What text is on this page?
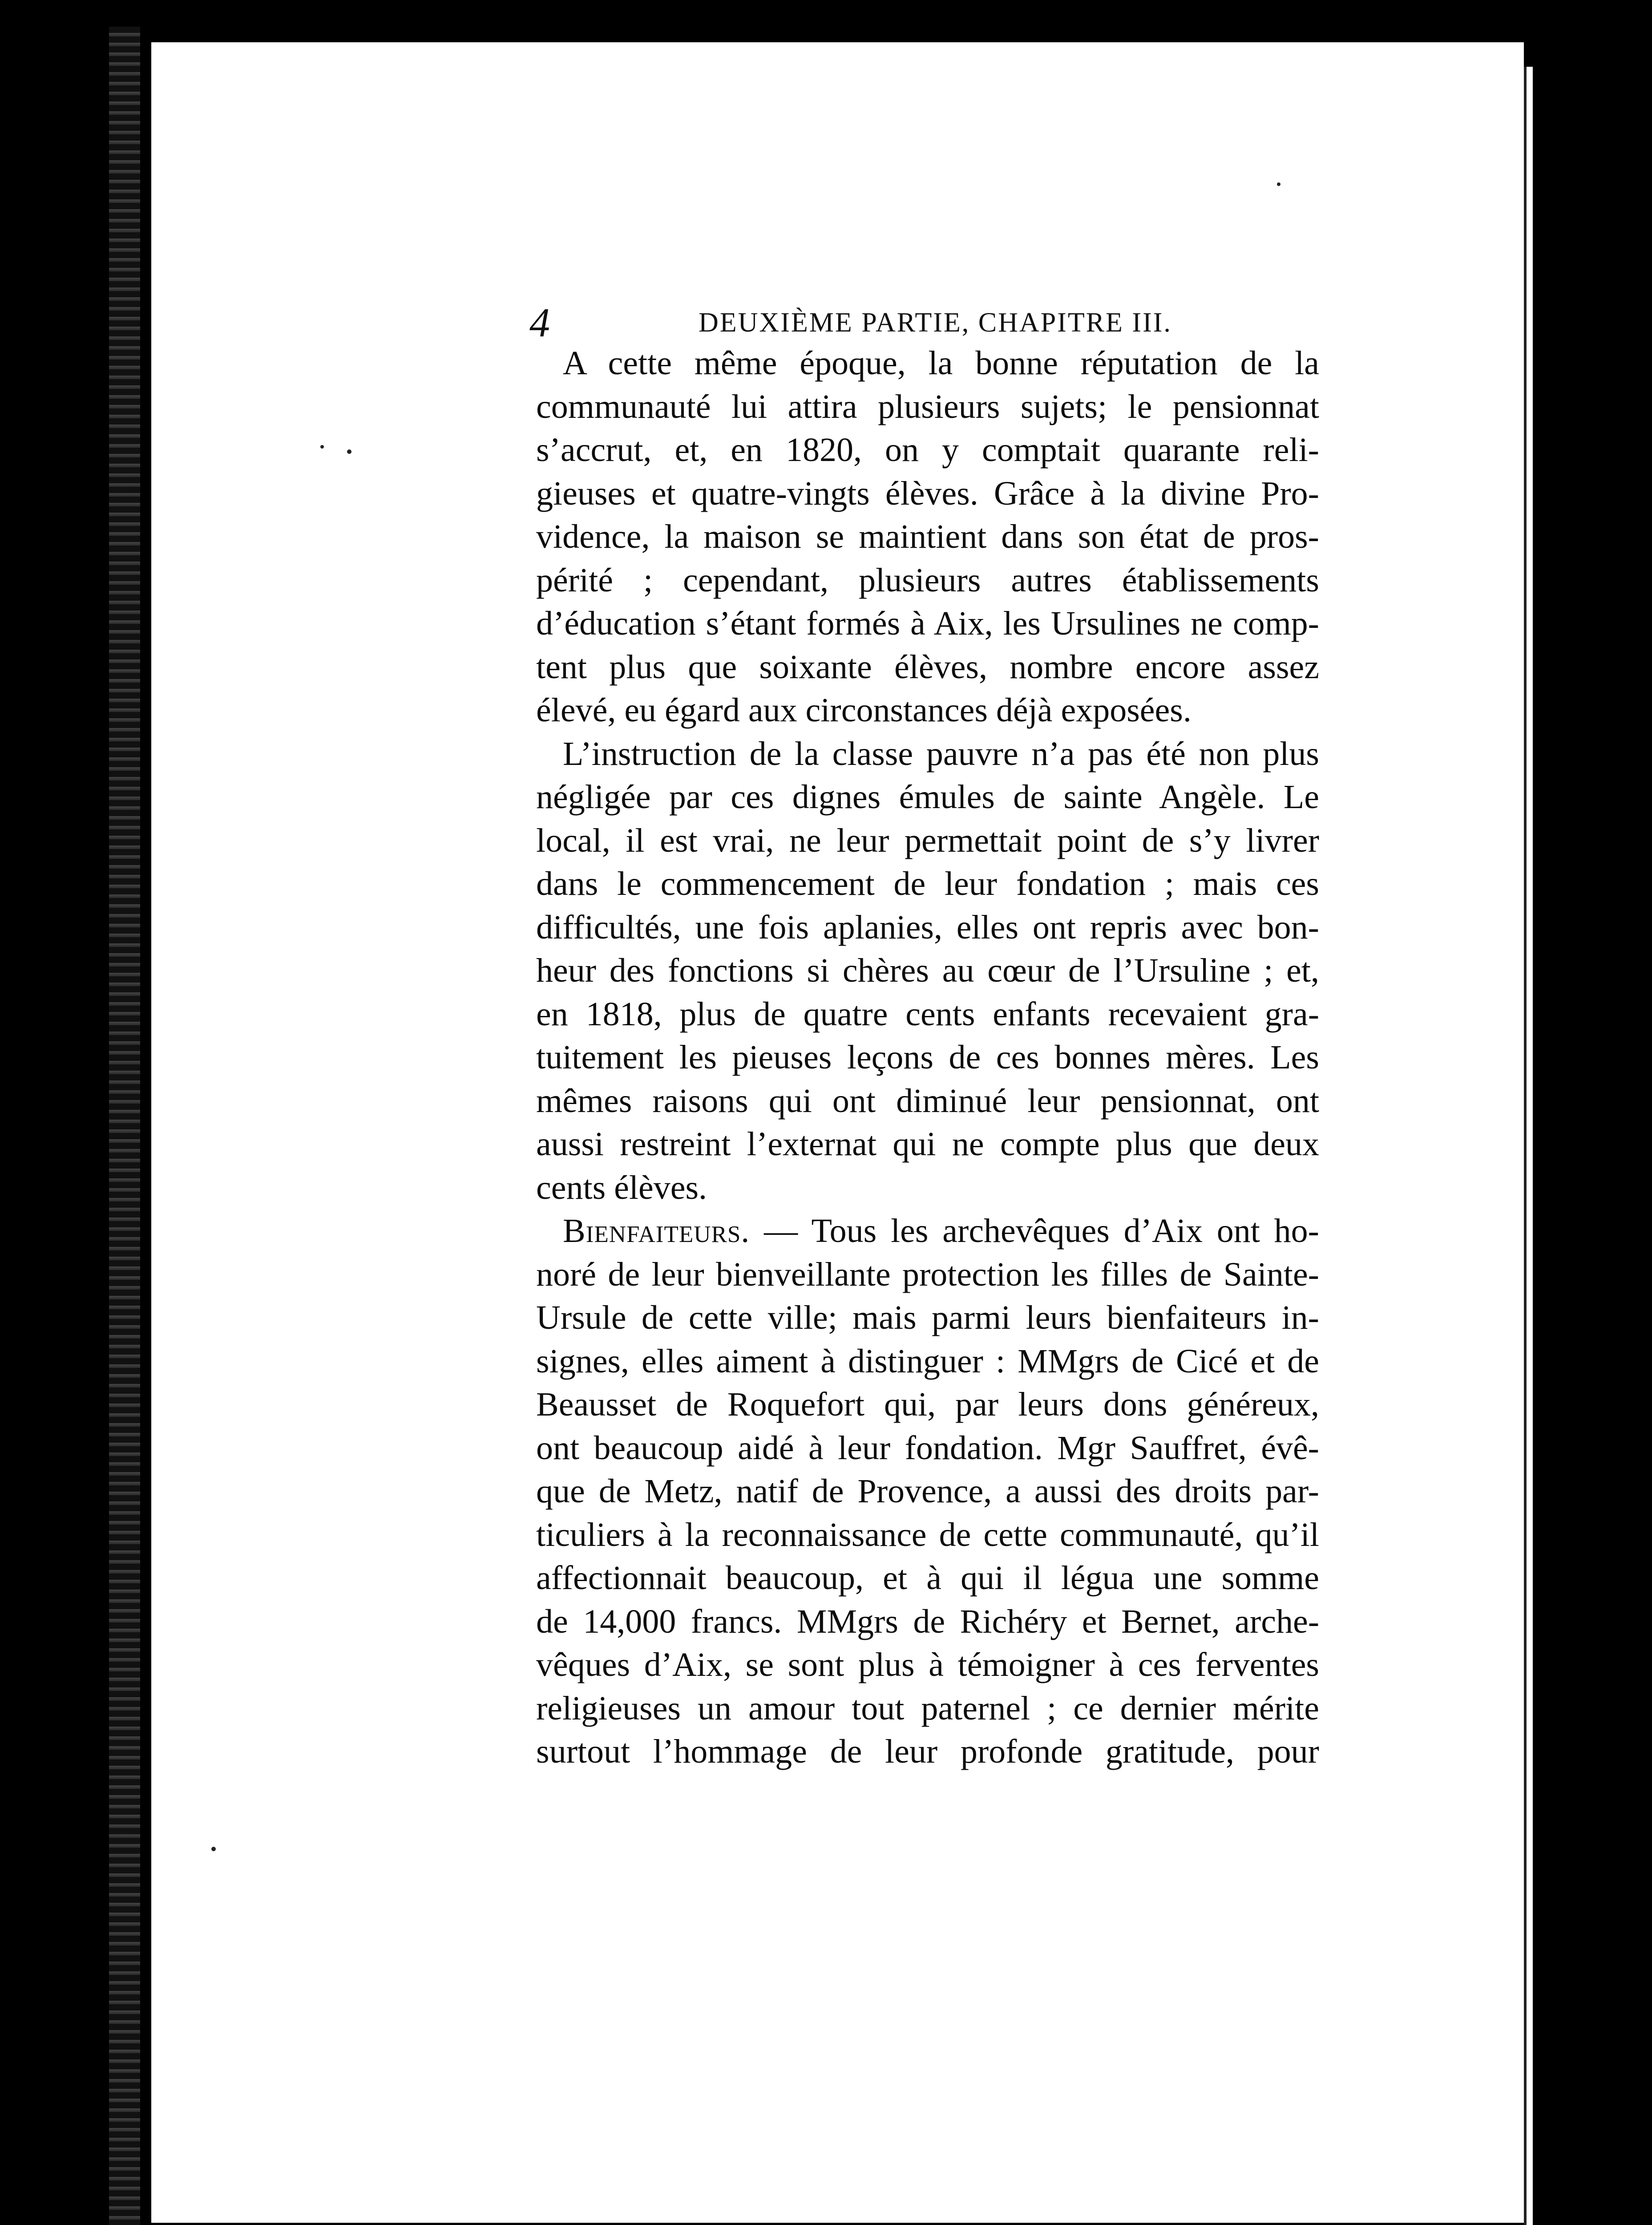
4	DEUXIÈME PARTIE, CHAPITRE III.
A cette même époque, la bonne réputation de la
communauté lui attira plusieurs sujets; le pensionnat
s’accrut, et, en 1820, on y comptait quarante reli-
gieuses et quatre-vingts élèves. Grâce à la divine Pro-
vidence, la maison se maintient dans son état de pros-
périté ; cependant, plusieurs autres établissements
d’éducation s’étant formés à Aix, les Ursulines ne comp-
tent plus que soixante élèves, nombre encore assez
élevé, eu égard aux circonstances déjà exposées.
L’instruction de la classe pauvre n’a pas été non plus
négligée par ces dignes émules de sainte Angèle. Le
local, il est vrai, ne leur permettait point de s’y livrer
dans le commencement de leur fondation ; mais ces
difficultés, une fois aplanies, elles ont repris avec bon-
heur des fonctions si chères au cœur de l’Ursuline ; et,
en 1818, plus de quatre cents enfants recevaient gra-
tuitement les pieuses leçons de ces bonnes mères. Les
mêmes raisons qui ont diminué leur pensionnat, ont
aussi restreint l’externat qui ne compte plus que deux
cents élèves.
Bienfaiteurs. — Tous les archevêques d’Aix ont ho-
noré de leur bienveillante protection les filles de Sainte-
Ursule de cette ville; mais parmi leurs bienfaiteurs in-
signes, elles aiment à distinguer : MMgrs de Cicé et de
Beausset de Roquefort qui, par leurs dons généreux,
ont beaucoup aidé à leur fondation. Mgr Sauffret, évê-
que de Metz, natif de Provence, a aussi des droits par-
ticuliers à la reconnaissance de cette communauté, qu’il
affectionnait beaucoup, et à qui il légua une somme
de 14,000 francs. MMgrs de Richéry et Bernet, arche-
vêques d’Aix, se sont plus à témoigner à ces ferventes
religieuses un amour tout paternel ; ce dernier mérite
surtout l’hommage de leur profonde gratitude, pour
